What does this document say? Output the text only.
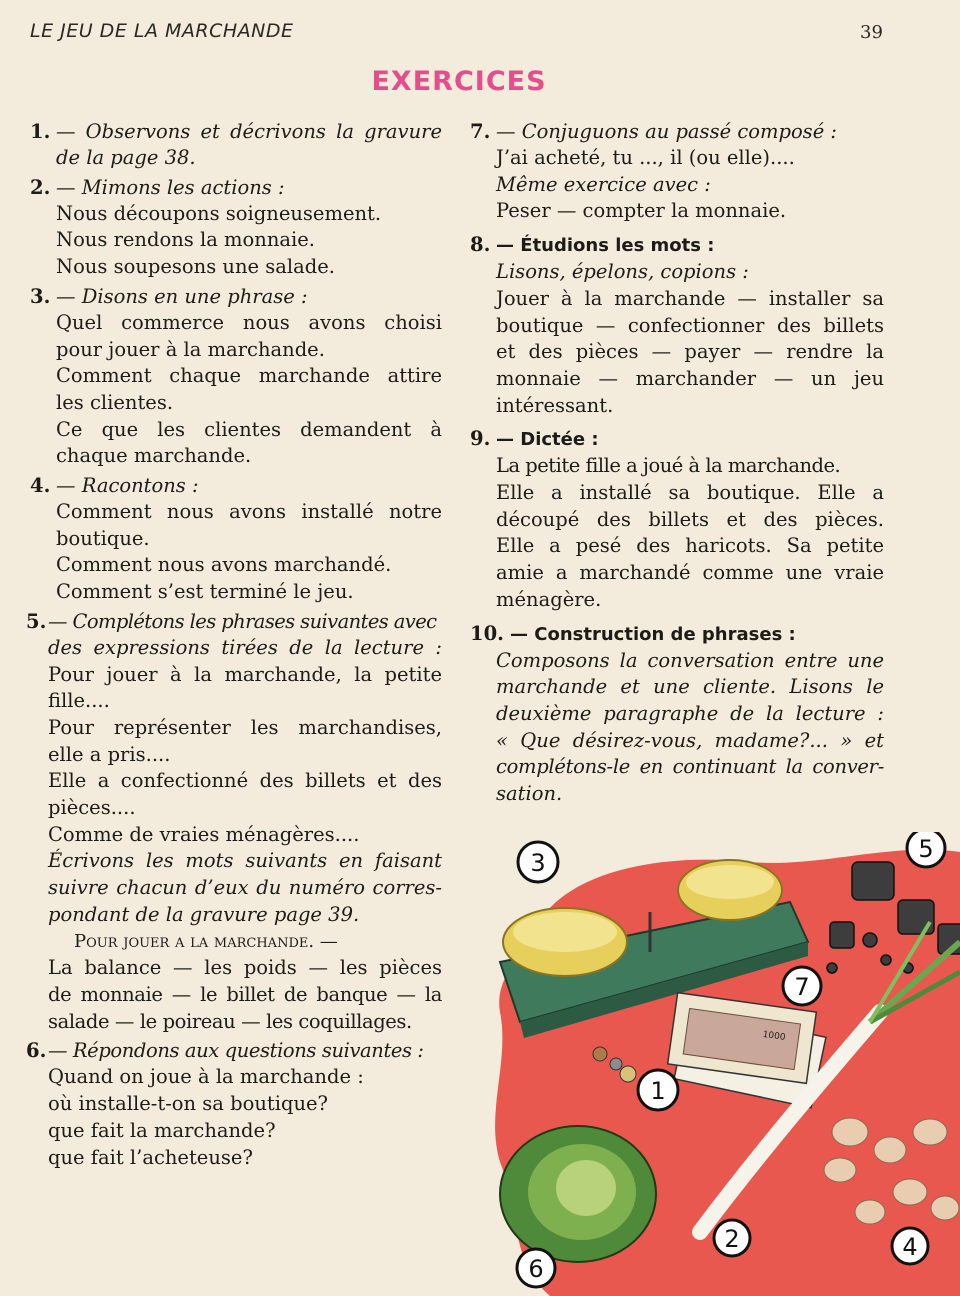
LE JEU DE LA MARCHANDE	39
EXERCICES
1. — Observons et décrivons la gravure
de la page 38.
2. — Mimons les actions :
Nous découpons soigneusement.
Nous rendons la monnaie.
Nous soupesons une salade.
3. — Disons en une phrase :
Quel commerce nous avons choisi
pour jouer à la marchande.
Comment chaque marchande attire
les clientes.
Ce que les clientes demandent à
chaque marchande.
4. — Racontons :
Comment nous avons installé notre
boutique.
Comment nous avons marchandé.
Comment s’est terminé le jeu.
5. — Complétons les phrases suivantes avec
des expressions tirées de la lecture :
Pour jouer à la marchande, la petite
fille....
Pour représenter les marchandises,
elle a pris....
Elle a confectionné des billets et des
pièces....
Comme de vraies ménagères....
Écrivons les mots suivants en faisant
suivre chacun d’eux du numéro corres-
pondant de la gravure page 39.
Pour jouer a la marchande. —
La balance — les poids — les pièces
de monnaie — le billet de banque — la
salade — le poireau — les coquillages.
6. — Répondons aux questions suivantes :
Quand on joue à la marchande :
où installe-t-on sa boutique?
que fait la marchande?
que fait l’acheteuse?
7. — Conjuguons au passé composé :
J’ai acheté, tu ..., il (ou elle)....
Même exercice avec :
Peser — compter la monnaie.
8. — Étudions les mots :
Lisons, épelons, copions :
Jouer à la marchande — installer sa
boutique — confectionner des billets
et des pièces — payer — rendre la
monnaie — marchander — un jeu
intéressant.
9. — Dictée :
La petite fille a joué à la marchande.
Elle a installé sa boutique. Elle a
découpé des billets et des pièces.
Elle a pesé des haricots. Sa petite
amie a marchandé comme une vraie
ménagère.
10. — Construction de phrases :
Composons la conversation entre une
marchande et une cliente. Lisons le
deuxième paragraphe de la lecture :
« Que désirez-vous, madame?... » et
complétons-le en continuant la conver-
sation.
1000
3	5
7
1
2	4
6
